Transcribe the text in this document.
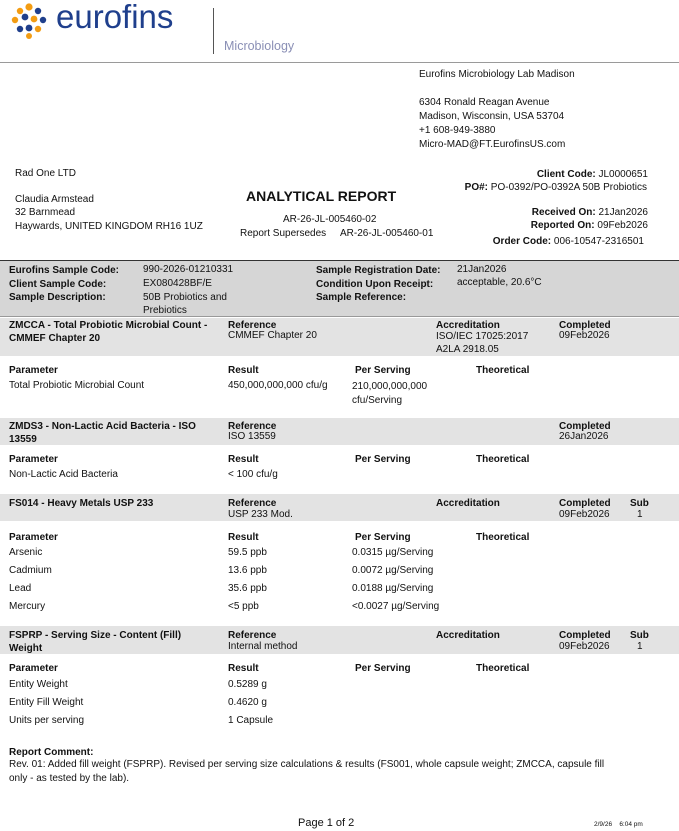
eurofins
Microbiology
Eurofins Microbiology Lab Madison
6304 Ronald Reagan Avenue
Madison, Wisconsin, USA 53704
+1 608-949-3880
Micro-MAD@FT.EurofinsUS.com
Rad One LTD
Claudia Armstead
32 Barnmead
Haywards, UNITED KINGDOM RH16 1UZ
ANALYTICAL REPORT
AR-26-JL-005460-02
Report Supersedes AR-26-JL-005460-01
Client Code: JL0000651
PO#: PO-0392/PO-0392A 50B Probiotics
Received On: 21Jan2026
Reported On: 09Feb2026
Order Code: 006-10547-2316501
Eurofins Sample Code: 990-2026-01210331
Client Sample Code:	EX080428BF/E
Sample Description:	50B Probiotics and
Prebiotics
Sample Registration Date: 21Jan2026
Condition Upon Receipt: acceptable, 20.6°C
Sample Reference:
ZMCCA - Total Probiotic Microbial Count -
CMMEF Chapter 20
Reference
CMMEF Chapter 20
Accreditation
ISO/IEC 17025:2017
A2LA 2918.05
Completed
09Feb2026
Parameter	Result	Per Serving	Theoretical
Total Probiotic Microbial Count	450,000,000,000 cfu/g 210,000,000,000
cfu/Serving
ZMDS3 - Non-Lactic Acid Bacteria - ISO
13559
Reference
ISO 13559
Completed
26Jan2026
Parameter	Result	Per Serving	Theoretical
Non-Lactic Acid Bacteria	< 100 cfu/g
FS014 - Heavy Metals USP 233	Reference
USP 233 Mod.
Accreditation	Completed
09Feb2026
Sub
1
Parameter	Result	Per Serving	Theoretical
Arsenic	59.5 ppb	0.0315 µg/Serving
Cadmium	13.6 ppb	0.0072 µg/Serving
Lead	35.6 ppb	0.0188 µg/Serving
Mercury	<5 ppb	<0.0027 µg/Serving
FSPRP - Serving Size - Content (Fill)
Weight
Reference
Internal method
Accreditation	Completed
09Feb2026
Sub
1
Parameter	Result	Per Serving	Theoretical
Entity Weight	0.5289 g
Entity Fill Weight	0.4620 g
Units per serving	1 Capsule
Report Comment:
Rev. 01: Added fill weight (FSPRP). Revised per serving size calculations & results (FS001, whole capsule weight; ZMCCA, capsule fill
only - as tested by the lab).
Page 1 of 2	2/9/26 6:04 pm
